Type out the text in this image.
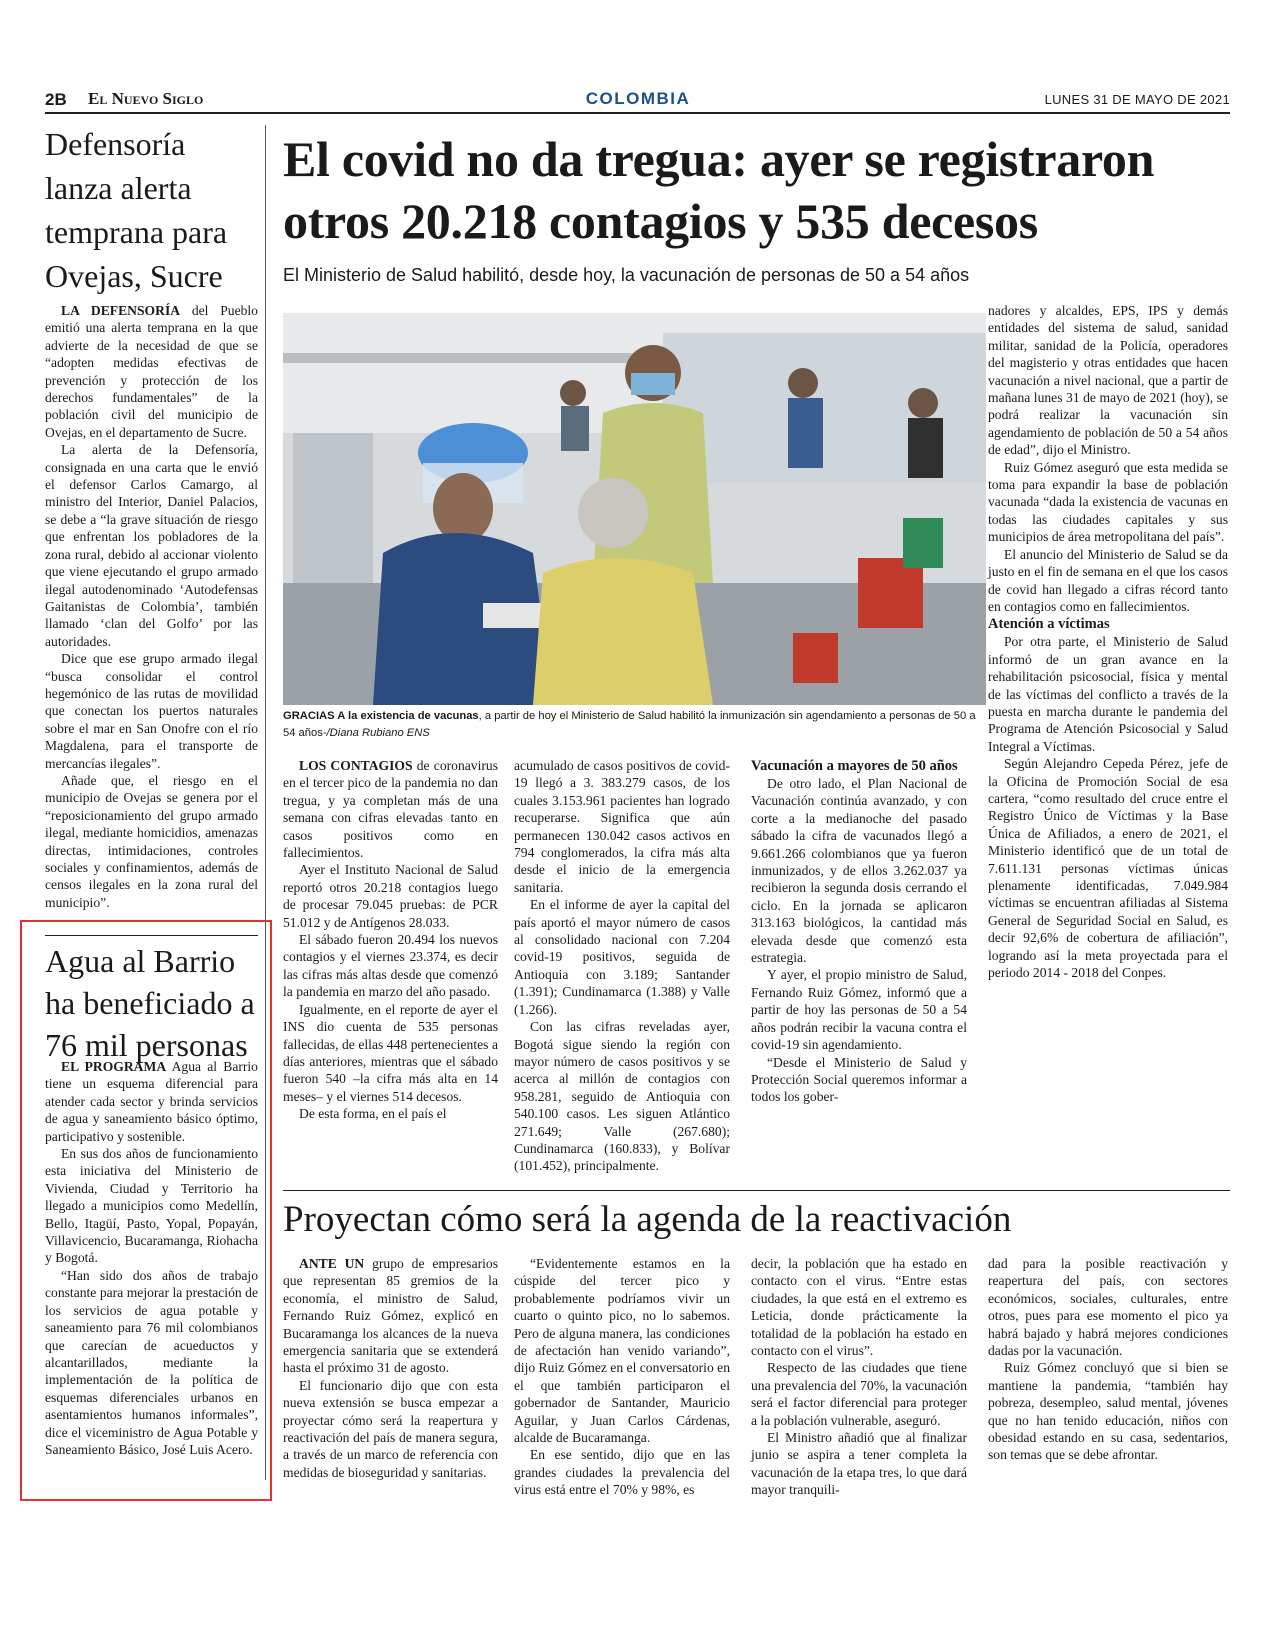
2B El Nuevo Siglo	COLOMBIA	LUNES 31 DE MAYO DE 2021
Defensoría lanza alerta temprana para Ovejas, Sucre

LA DEFENSORÍA del Pueblo emitió una alerta temprana en la que advierte de la necesidad de que se “adopten medidas efectivas de prevención y protección de los derechos fundamentales” de la población civil del municipio de Ovejas, en el departamento de Sucre.

La alerta de la Defensoría, consignada en una carta que le envió el defensor Carlos Camargo, al ministro del Interior, Daniel Palacios, se debe a “la grave situación de riesgo que enfrentan los pobladores de la zona rural, debido al accionar violento que viene ejecutando el grupo armado ilegal autodenominado ‘Autodefensas Gaitanistas de Colombia’, también llamado ‘clan del Golfo’ por las autoridades.

Dice que ese grupo armado ilegal “busca consolidar el control hegemónico de las rutas de movilidad que conectan los puertos naturales sobre el mar en San Onofre con el río Magdalena, para el transporte de mercancías ilegales”.

Añade que, el riesgo en el municipio de Ovejas se genera por el “reposicionamiento del grupo armado ilegal, mediante homicidios, amenazas directas, intimidaciones, controles sociales y confinamientos, además de censos ilegales en la zona rural del municipio”.

Agua al Barrio ha beneficiado a 76 mil personas

EL PROGRAMA Agua al Barrio tiene un esquema diferencial para atender cada sector y brinda servicios de agua y saneamiento básico óptimo, participativo y sostenible.

En sus dos años de funcionamiento esta iniciativa del Ministerio de Vivienda, Ciudad y Territorio ha llegado a municipios como Medellín, Bello, Itagüí, Pasto, Yopal, Popayán, Villavicencio, Bucaramanga, Riohacha y Bogotá.

“Han sido dos años de trabajo constante para mejorar la prestación de los servicios de agua potable y saneamiento para 76 mil colombianos que carecían de acueductos y alcantarillados, mediante la implementación de la política de esquemas diferenciales urbanos en asentamientos humanos informales”, dice el viceministro de Agua Potable y Saneamiento Básico, José Luis Acero.

El covid no da tregua: ayer se registraron
otros 20.218 contagios y 535 decesos
El Ministerio de Salud habilitó, desde hoy, la vacunación de personas de 50 a 54 años
GRACIAS A la existencia de vacunas, a partir de hoy el Ministerio de Salud habilitó la inmunización sin agendamiento a personas de 50 a 54 años-/Diana Rubiano ENS

LOS CONTAGIOS de coronavirus en el tercer pico de la pandemia no dan tregua, y ya completan más de una semana con cifras elevadas tanto en casos positivos como en fallecimientos.

Ayer el Instituto Nacional de Salud reportó otros 20.218 contagios luego de procesar 79.045 pruebas: de PCR 51.012 y de Antígenos 28.033.

El sábado fueron 20.494 los nuevos contagios y el viernes 23.374, es decir las cifras más altas desde que comenzó la pandemia en marzo del año pasado.

Igualmente, en el reporte de ayer el INS dio cuenta de 535 personas fallecidas, de ellas 448 pertenecientes a días anteriores, mientras que el sábado fueron 540 –la cifra más alta en 14 meses– y el viernes 514 decesos.

De esta forma, en el país el

acumulado de casos positivos de covid-19 llegó a 3. 383.279 casos, de los cuales 3.153.961 pacientes han logrado recuperarse. Significa que aún permanecen 130.042 casos activos en 794 conglomerados, la cifra más alta desde el inicio de la emergencia sanitaria.

En el informe de ayer la capital del país aportó el mayor número de casos al consolidado nacional con 7.204 covid-19 positivos, seguida de Antioquia con 3.189; Santander (1.391); Cundinamarca (1.388) y Valle (1.266).

Con las cifras reveladas ayer, Bogotá sigue siendo la región con mayor número de casos positivos y se acerca al millón de contagios con 958.281, seguido de Antioquia con 540.100 casos. Les siguen Atlántico 271.649; Valle (267.680); Cundinamarca (160.833), y Bolívar (101.452), principalmente.

Vacunación a mayores de 50 años

De otro lado, el Plan Nacional de Vacunación continúa avanzado, y con corte a la medianoche del pasado sábado la cifra de vacunados llegó a 9.661.266 colombianos que ya fueron inmunizados, y de ellos 3.262.037 ya recibieron la segunda dosis cerrando el ciclo. En la jornada se aplicaron 313.163 biológicos, la cantidad más elevada desde que comenzó esta estrategia.

Y ayer, el propio ministro de Salud, Fernando Ruiz Gómez, informó que a partir de hoy las personas de 50 a 54 años podrán recibir la vacuna contra el covid-19 sin agendamiento.

“Desde el Ministerio de Salud y Protección Social queremos informar a todos los gober-

nadores y alcaldes, EPS, IPS y demás entidades del sistema de salud, sanidad militar, sanidad de la Policía, operadores del magisterio y otras entidades que hacen vacunación a nivel nacional, que a partir de mañana lunes 31 de mayo de 2021 (hoy), se podrá realizar la vacunación sin agendamiento de población de 50 a 54 años de edad”, dijo el Ministro.

Ruiz Gómez aseguró que esta medida se toma para expandir la base de población vacunada “dada la existencia de vacunas en todas las ciudades capitales y sus municipios de área metropolitana del país”.

El anuncio del Ministerio de Salud se da justo en el fin de semana en el que los casos de covid han llegado a cifras récord tanto en contagios como en fallecimientos.

Atención a víctimas

Por otra parte, el Ministerio de Salud informó de un gran avance en la rehabilitación psicosocial, física y mental de las víctimas del conflicto a través de la puesta en marcha durante le pandemia del Programa de Atención Psicosocial y Salud Integral a Víctimas.

Según Alejandro Cepeda Pérez, jefe de la Oficina de Promoción Social de esa cartera, “como resultado del cruce entre el Registro Único de Víctimas y la Base Única de Afiliados, a enero de 2021, el Ministerio identificó que de un total de 7.611.131 personas víctimas únicas plenamente identificadas, 7.049.984 víctimas se encuentran afiliadas al Sistema General de Seguridad Social en Salud, es decir 92,6% de cobertura de afiliación”, logrando así la meta proyectada para el periodo 2014 - 2018 del Conpes.

Proyectan cómo será la agenda de la reactivación

ANTE UN grupo de empresarios que representan 85 gremios de la economía, el ministro de Salud, Fernando Ruiz Gómez, explicó en Bucaramanga los alcances de la nueva emergencia sanitaria que se extenderá hasta el próximo 31 de agosto.

El funcionario dijo que con esta nueva extensión se busca empezar a proyectar cómo será la reapertura y reactivación del país de manera segura, a través de un marco de referencia con medidas de bioseguridad y sanitarias.

“Evidentemente estamos en la cúspide del tercer pico y probablemente podríamos vivir un cuarto o quinto pico, no lo sabemos. Pero de alguna manera, las condiciones de afectación han venido variando”, dijo Ruiz Gómez en el conversatorio en el que también participaron el gobernador de Santander, Mauricio Aguilar, y Juan Carlos Cárdenas, alcalde de Bucaramanga.

En ese sentido, dijo que en las grandes ciudades la prevalencia del virus está entre el 70% y 98%, es

decir, la población que ha estado en contacto con el virus. “Entre estas ciudades, la que está en el extremo es Leticia, donde prácticamente la totalidad de la población ha estado en contacto con el virus”.

Respecto de las ciudades que tiene una prevalencia del 70%, la vacunación será el factor diferencial para proteger a la población vulnerable, aseguró.

El Ministro añadió que al finalizar junio se aspira a tener completa la vacunación de la etapa tres, lo que dará mayor tranquili-

dad para la posible reactivación y reapertura del país, con sectores económicos, sociales, culturales, entre otros, pues para ese momento el pico ya habrá bajado y habrá mejores condiciones dadas por la vacunación.

Ruiz Gómez concluyó que si bien se mantiene la pandemia, “también hay pobreza, desempleo, salud mental, jóvenes que no han tenido educación, niños con obesidad estando en su casa, sedentarios, son temas que se debe afrontar.
